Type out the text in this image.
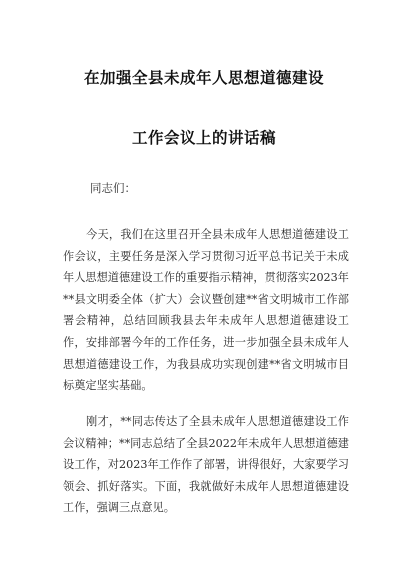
在加强全县未成年人思想道德建设
工作会议上的讲话稿
同志们：

今天，我们在这里召开全县未成年人思想道德建设工作会议，主要任务是深入学习贯彻习近平总书记关于未成年人思想道德建设工作的重要指示精神，贯彻落实2023年**县文明委全体（扩大）会议暨创建**省文明城市工作部署会精神，总结回顾我县去年未成年人思想道德建设工作，安排部署今年的工作任务，进一步加强全县未成年人思想道德建设工作，为我县成功实现创建**省文明城市目标奠定坚实基础。

刚才，**同志传达了全县未成年人思想道德建设工作会议精神；**同志总结了全县2022年未成年人思想道德建设工作，对2023年工作作了部署，讲得很好，大家要学习领会、抓好落实。下面，我就做好未成年人思想道德建设工作，强调三点意见。
